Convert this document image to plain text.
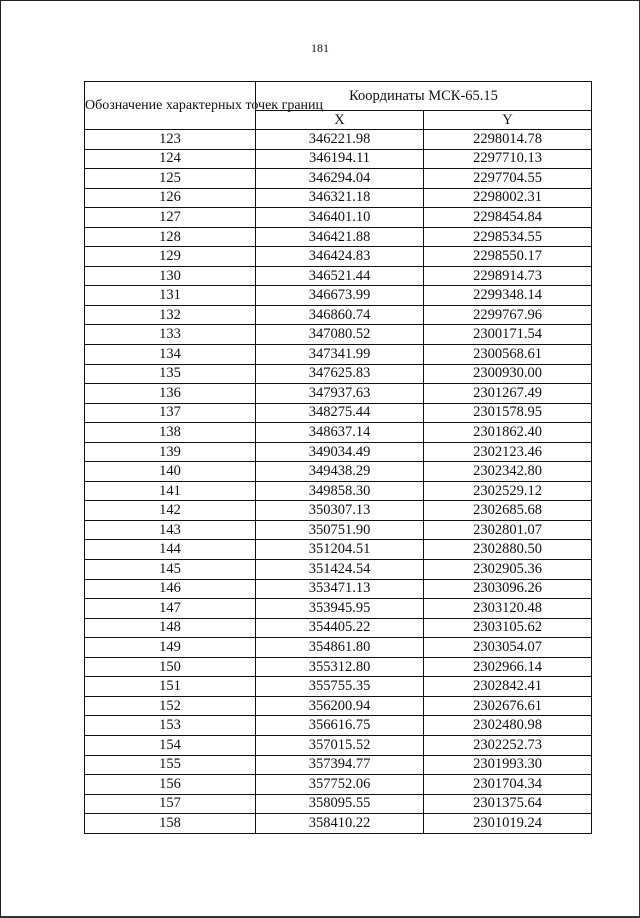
181
Обозначение характерных точек границ	Координаты МСК-65.15	
	X	Y
123	346221.98	2298014.78
124	346194.11	2297710.13
125	346294.04	2297704.55
126	346321.18	2298002.31
127	346401.10	2298454.84
128	346421.88	2298534.55
129	346424.83	2298550.17
130	346521.44	2298914.73
131	346673.99	2299348.14
132	346860.74	2299767.96
133	347080.52	2300171.54
134	347341.99	2300568.61
135	347625.83	2300930.00
136	347937.63	2301267.49
137	348275.44	2301578.95
138	348637.14	2301862.40
139	349034.49	2302123.46
140	349438.29	2302342.80
141	349858.30	2302529.12
142	350307.13	2302685.68
143	350751.90	2302801.07
144	351204.51	2302880.50
145	351424.54	2302905.36
146	353471.13	2303096.26
147	353945.95	2303120.48
148	354405.22	2303105.62
149	354861.80	2303054.07
150	355312.80	2302966.14
151	355755.35	2302842.41
152	356200.94	2302676.61
153	356616.75	2302480.98
154	357015.52	2302252.73
155	357394.77	2301993.30
156	357752.06	2301704.34
157	358095.55	2301375.64
158	358410.22	2301019.24
